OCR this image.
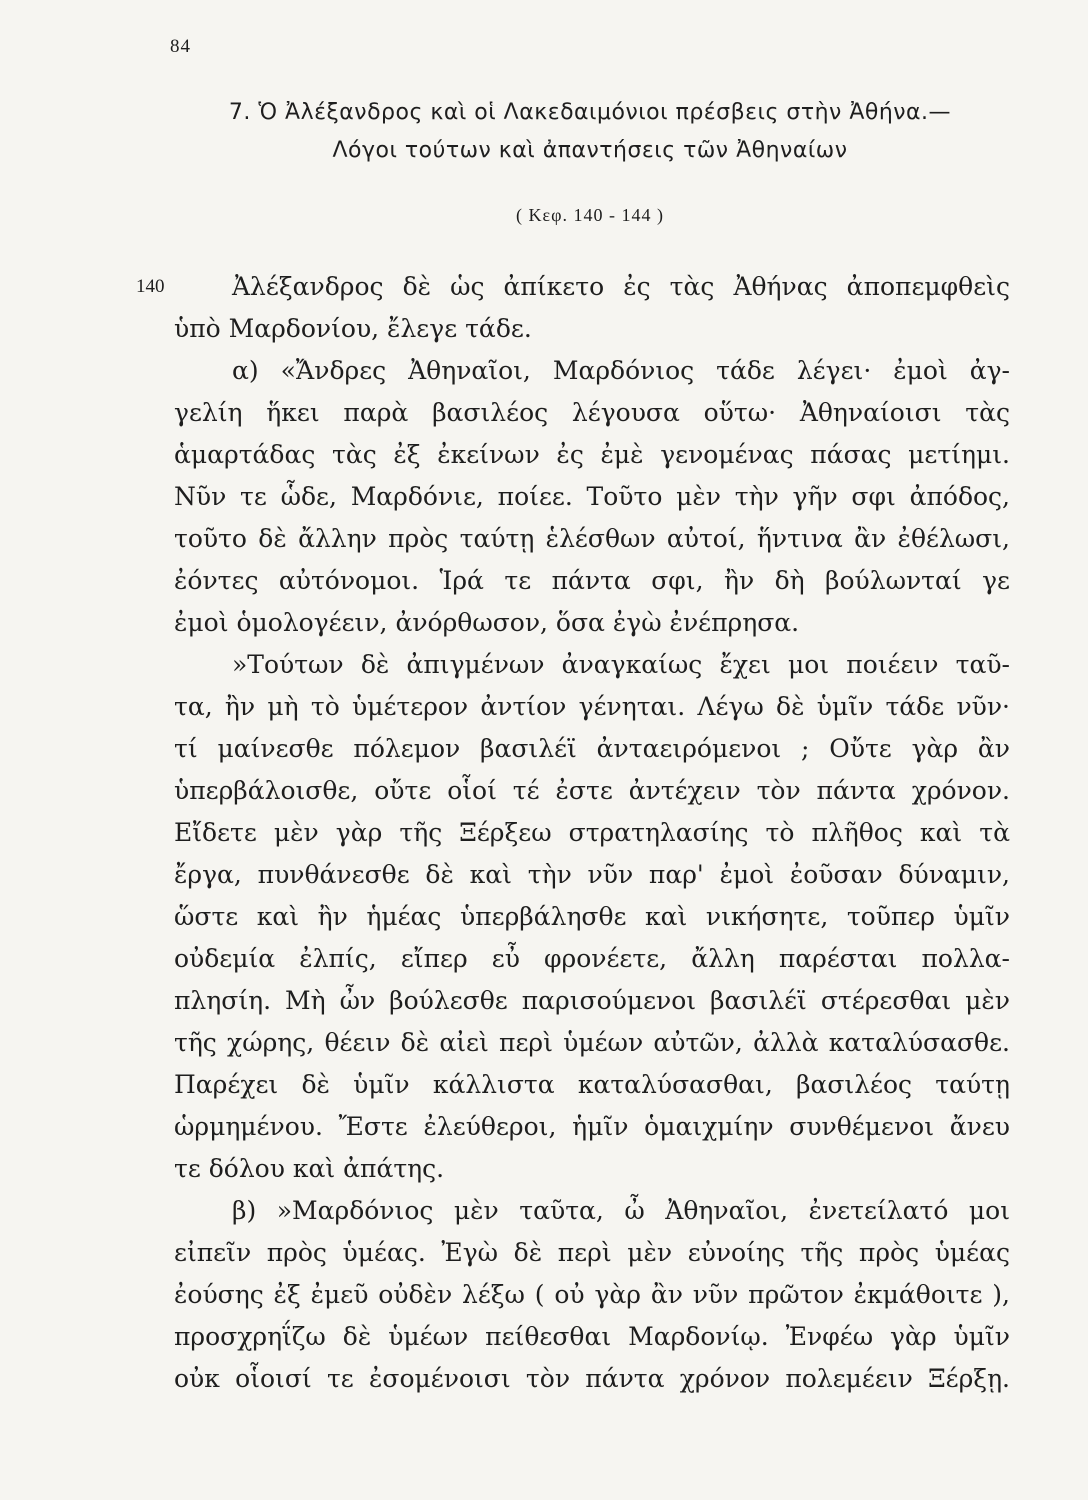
84
7. Ὁ Ἀλέξανδρος καὶ οἱ Λακεδαιμόνιοι πρέσβεις στὴν Ἀθήνα.—
Λόγοι τούτων καὶ ἀπαντήσεις τῶν Ἀθηναίων
( Κεφ. 140 - 144 )
140	Ἀλέξανδρος δὲ ὡς ἀπίκετο ἐς τὰς Ἀθήνας ἀποπεμφθεὶς
ὑπὸ Μαρδονίου, ἔλεγε τάδε.
α) «Ἄνδρες Ἀθηναῖοι, Μαρδόνιος τάδε λέγει· ἐμοὶ ἀγ-
γελίη ἥκει παρὰ βασιλέος λέγουσα οὕτω· Ἀθηναίοισι τὰς
ἁμαρτάδας τὰς ἐξ ἐκείνων ἐς ἐμὲ γενομένας πάσας μετίημι.
Νῦν τε ὧδε, Μαρδόνιε, ποίεε. Τοῦτο μὲν τὴν γῆν σφι ἀπόδος,
τοῦτο δὲ ἄλλην πρὸς ταύτῃ ἑλέσθων αὐτοί, ἥντινα ἂν ἐθέλωσι,
ἐόντες αὐτόνομοι. Ἱρά τε πάντα σφι, ἢν δὴ βούλωνταί γε
ἐμοὶ ὁμολογέειν, ἀνόρθωσον, ὅσα ἐγὼ ἐνέπρησα.
»Τούτων δὲ ἀπιγμένων ἀναγκαίως ἔχει μοι ποιέειν ταῦ-
τα, ἢν μὴ τὸ ὑμέτερον ἀντίον γένηται. Λέγω δὲ ὑμῖν τάδε νῦν·
τί μαίνεσθε πόλεμον βασιλέϊ ἀνταειρόμενοι ; Οὔτε γὰρ ἂν
ὑπερβάλοισθε, οὔτε οἷοί τέ ἐστε ἀντέχειν τὸν πάντα χρόνον.
Εἴδετε μὲν γὰρ τῆς Ξέρξεω στρατηλασίης τὸ πλῆθος καὶ τὰ
ἔργα, πυνθάνεσθε δὲ καὶ τὴν νῦν παρ' ἐμοὶ ἐοῦσαν δύναμιν,
ὥστε καὶ ἢν ἡμέας ὑπερβάλησθε καὶ νικήσητε, τοῦπερ ὑμῖν
οὐδεμία ἐλπίς, εἴπερ εὖ φρονέετε, ἄλλη παρέσται πολλα-
πλησίη. Μὴ ὦν βούλεσθε παρισούμενοι βασιλέϊ στέρεσθαι μὲν
τῆς χώρης, θέειν δὲ αἰεὶ περὶ ὑμέων αὐτῶν, ἀλλὰ καταλύσασθε.
Παρέχει δὲ ὑμῖν κάλλιστα καταλύσασθαι, βασιλέος ταύτῃ
ὡρμημένου. Ἔστε ἐλεύθεροι, ἡμῖν ὁμαιχμίην συνθέμενοι ἄνευ
τε δόλου καὶ ἀπάτης.
β) »Μαρδόνιος μὲν ταῦτα, ὦ Ἀθηναῖοι, ἐνετείλατό μοι
εἰπεῖν πρὸς ὑμέας. Ἐγὼ δὲ περὶ μὲν εὐνοίης τῆς πρὸς ὑμέας
ἐούσης ἐξ ἐμεῦ οὐδὲν λέξω ( οὐ γὰρ ἂν νῦν πρῶτον ἐκμάθοιτε ),
προσχρηΐζω δὲ ὑμέων πείθεσθαι Μαρδονίῳ. Ἐνφέω γὰρ ὑμῖν
οὐκ οἷοισί τε ἐσομένοισι τὸν πάντα χρόνον πολεμέειν Ξέρξῃ.
